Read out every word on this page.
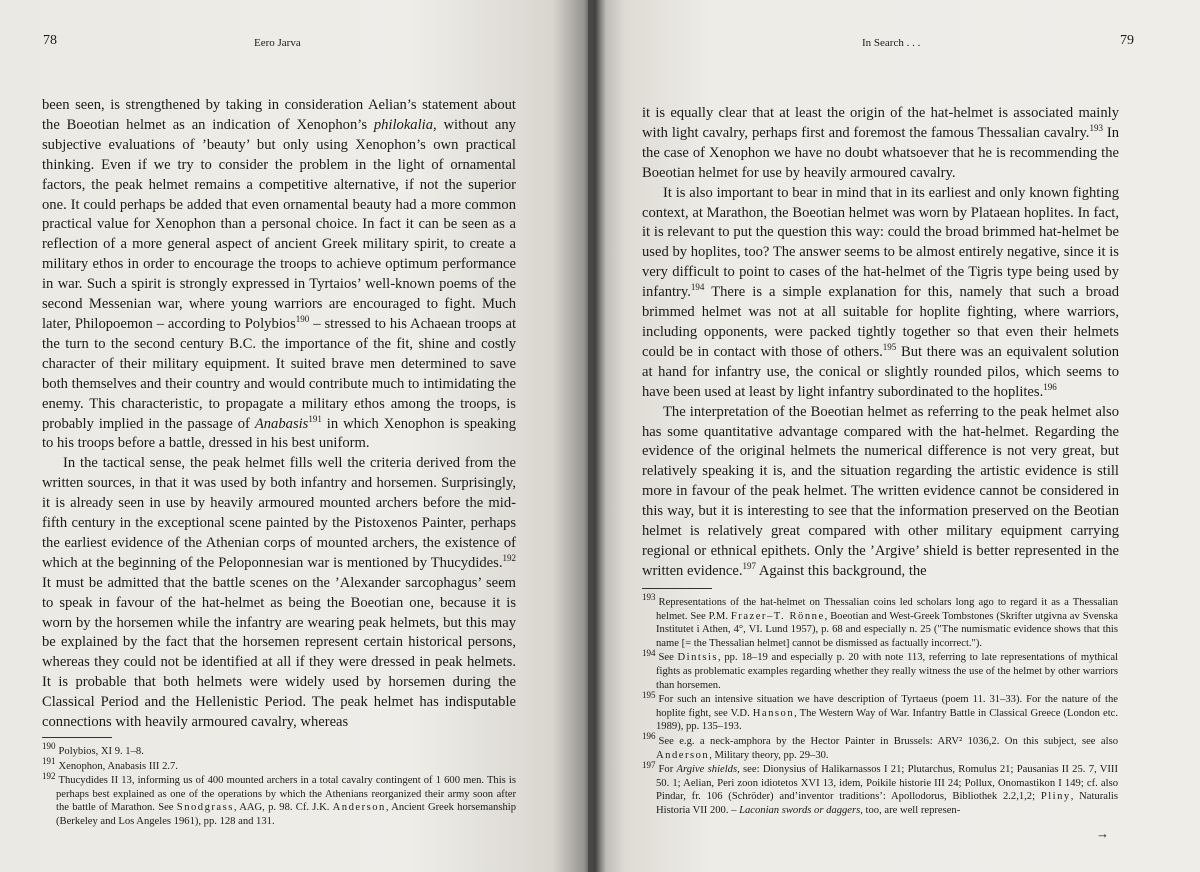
78	Eero Jarva

been seen, is strengthened by taking in consideration Aelian’s statement about the Boeotian helmet as an indication of Xenophon’s philokalia, without any subjective evaluations of ’beauty’ but only using Xenophon’s own practical thinking. Even if we try to consider the problem in the light of ornamental factors, the peak helmet remains a competitive alternative, if not the superior one. It could perhaps be added that even ornamental beauty had a more common practical value for Xenophon than a personal choice. In fact it can be seen as a reflection of a more general aspect of ancient Greek military spirit, to create a military ethos in order to encourage the troops to achieve optimum performance in war. Such a spirit is strongly expressed in Tyrtaios’ well-known poems of the second Messenian war, where young warriors are encouraged to fight. Much later, Philopoemon – according to Polybios$^{190}$ – stressed to his Achaean troops at the turn to the second century B.C. the importance of the fit, shine and costly character of their military equipment. It suited brave men determined to save both themselves and their country and would contribute much to intimidating the enemy. This characteristic, to propagate a military ethos among the troops, is probably implied in the passage of Anabasis$^{191}$ in which Xenophon is speaking to his troops before a battle, dressed in his best uniform.

In the tactical sense, the peak helmet fills well the criteria derived from the written sources, in that it was used by both infantry and horsemen. Surprisingly, it is already seen in use by heavily armoured mounted archers before the mid-fifth century in the exceptional scene painted by the Pistoxenos Painter, perhaps the earliest evidence of the Athenian corps of mounted archers, the existence of which at the beginning of the Peloponnesian war is mentioned by Thucydides.$^{192}$ It must be admitted that the battle scenes on the ’Alexander sarcophagus’ seem to speak in favour of the hat-helmet as being the Boeotian one, because it is worn by the horsemen while the infantry are wearing peak helmets, but this may be explained by the fact that the horsemen represent certain historical persons, whereas they could not be identified at all if they were dressed in peak helmets. It is probable that both helmets were widely used by horsemen during the Classical Period and the Hellenistic Period. The peak helmet has indisputable connections with heavily armoured cavalry, whereas

$^{190}$ Polybios, XI 9. 1–8.
$^{191}$ Xenophon, Anabasis III 2.7.
$^{192}$ Thucydides II 13, informing us of 400 mounted archers in a total cavalry contingent of 1 600 men. This is perhaps best explained as one of the operations by which the Athenians reorganized their army soon after the battle of Marathon. See Snodgrass, AAG, p. 98. Cf. J.K. Anderson, Ancient Greek horsemanship (Berkeley and Los Angeles 1961), pp. 128 and 131.
In Search . . .	79

it is equally clear that at least the origin of the hat-helmet is associated mainly with light cavalry, perhaps first and foremost the famous Thessalian cavalry.$^{193}$ In the case of Xenophon we have no doubt whatsoever that he is recommending the Boeotian helmet for use by heavily armoured cavalry.

It is also important to bear in mind that in its earliest and only known fighting context, at Marathon, the Boeotian helmet was worn by Plataean hoplites. In fact, it is relevant to put the question this way: could the broad brimmed hat-helmet be used by hoplites, too? The answer seems to be almost entirely negative, since it is very difficult to point to cases of the hat-helmet of the Tigris type being used by infantry.$^{194}$ There is a simple explanation for this, namely that such a broad brimmed helmet was not at all suitable for hoplite fighting, where warriors, including opponents, were packed tightly together so that even their helmets could be in contact with those of others.$^{195}$ But there was an equivalent solution at hand for infantry use, the conical or slightly rounded pilos, which seems to have been used at least by light infantry subordinated to the hoplites.$^{196}$

The interpretation of the Boeotian helmet as referring to the peak helmet also has some quantitative advantage compared with the hat-helmet. Regarding the evidence of the original helmets the numerical difference is not very great, but relatively speaking it is, and the situation regarding the artistic evidence is still more in favour of the peak helmet. The written evidence cannot be considered in this way, but it is interesting to see that the information preserved on the Beotian helmet is relatively great compared with other military equipment carrying regional or ethnical epithets. Only the ’Argive’ shield is better represented in the written evidence.$^{197}$ Against this background, the

$^{193}$ Representations of the hat-helmet on Thessalian coins led scholars long ago to regard it as a Thessalian helmet. See P.M. Frazer–T. Rönne, Boeotian and West-Greek Tombstones (Skrifter utgivna av Svenska Institutet i Athen, 4°, VI. Lund 1957), p. 68 and especially n. 25 ("The numismatic evidence shows that this name [= the Thessalian helmet] cannot be dismissed as factually incorrect.").
$^{194}$ See Dintsis, pp. 18–19 and especially p. 20 with note 113, referring to late representations of mythical fights as problematic examples regarding whether they really witness the use of the helmet by other warriors than horsemen.
$^{195}$ For such an intensive situation we have description of Tyrtaeus (poem 11. 31–33). For the nature of the hoplite fight, see V.D. Hanson, The Western Way of War. Infantry Battle in Classical Greece (London etc. 1989), pp. 135–193.
$^{196}$ See e.g. a neck-amphora by the Hector Painter in Brussels: ARV² 1036,2. On this subject, see also Anderson, Military theory, pp. 29–30.
$^{197}$ For Argive shields, see: Dionysius of Halikarnassos I 21; Plutarchus, Romulus 21; Pausanias II 25. 7, VIII 50. 1; Aelian, Peri zoon idiotetos XVI 13, idem, Poikile historie III 24; Pollux, Onomastikon I 149; cf. also Pindar, fr. 106 (Schröder) and’inventor traditions’: Apollodorus, Bibliothek 2.2,1,2; Pliny, Naturalis Historia VII 200. – Laconian swords or daggers, too, are well represen-
→
